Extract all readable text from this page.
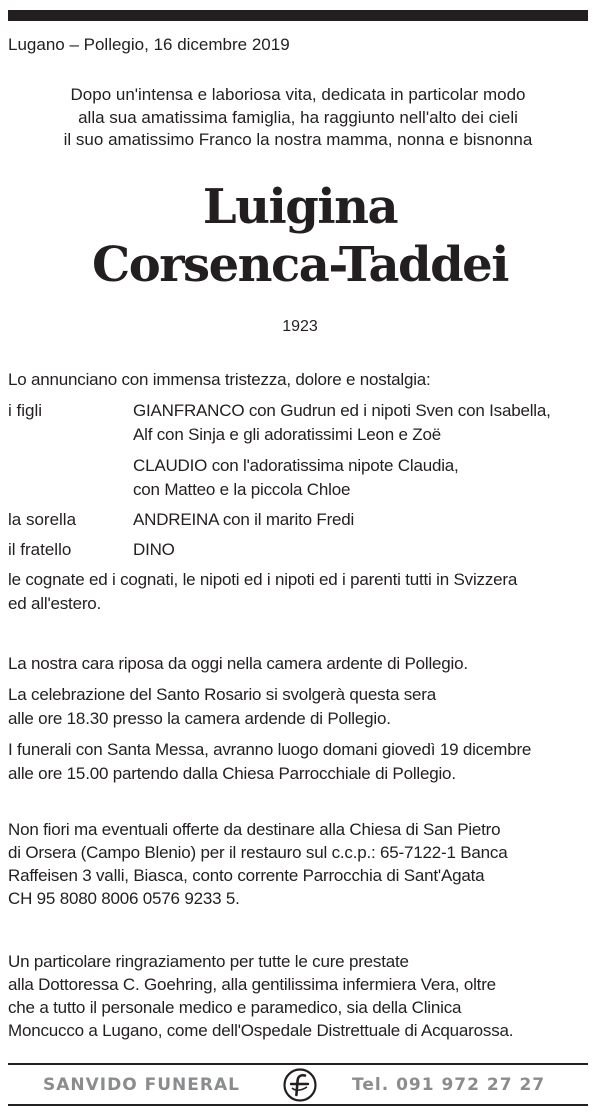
Lugano – Pollegio, 16 dicembre 2019
Dopo un'intensa e laboriosa vita, dedicata in particolar modo
alla sua amatissima famiglia, ha raggiunto nell'alto dei cieli
il suo amatissimo Franco la nostra mamma, nonna e bisnonna
Luigina
Corsenca-Taddei
1923
Lo annunciano con immensa tristezza, dolore e nostalgia:
i figli	GIANFRANCO con Gudrun ed i nipoti Sven con Isabella,
Alf con Sinja e gli adoratissimi Leon e Zoë
CLAUDIO con l'adoratissima nipote Claudia,
con Matteo e la piccola Chloe
la sorella	ANDREINA con il marito Fredi
il fratello	DINO
le cognate ed i cognati, le nipoti ed i nipoti ed i parenti tutti in Svizzera
ed all'estero.
La nostra cara riposa da oggi nella camera ardente di Pollegio.
La celebrazione del Santo Rosario si svolgerà questa sera
alle ore 18.30 presso la camera ardende di Pollegio.
I funerali con Santa Messa, avranno luogo domani giovedì 19 dicembre
alle ore 15.00 partendo dalla Chiesa Parrocchiale di Pollegio.
Non fiori ma eventuali offerte da destinare alla Chiesa di San Pietro
di Orsera (Campo Blenio) per il restauro sul c.c.p.: 65-7122-1 Banca
Raffeisen 3 valli, Biasca, conto corrente Parrocchia di Sant'Agata
CH 95 8080 8006 0576 9233 5.
Un particolare ringraziamento per tutte le cure prestate
alla Dottoressa C. Goehring, alla gentilissima infermiera Vera, oltre
che a tutto il personale medico e paramedico, sia della Clinica
Moncucco a Lugano, come dell'Ospedale Distrettuale di Acquarossa.
SANVIDO FUNERAL	Tel. 091 972 27 27
